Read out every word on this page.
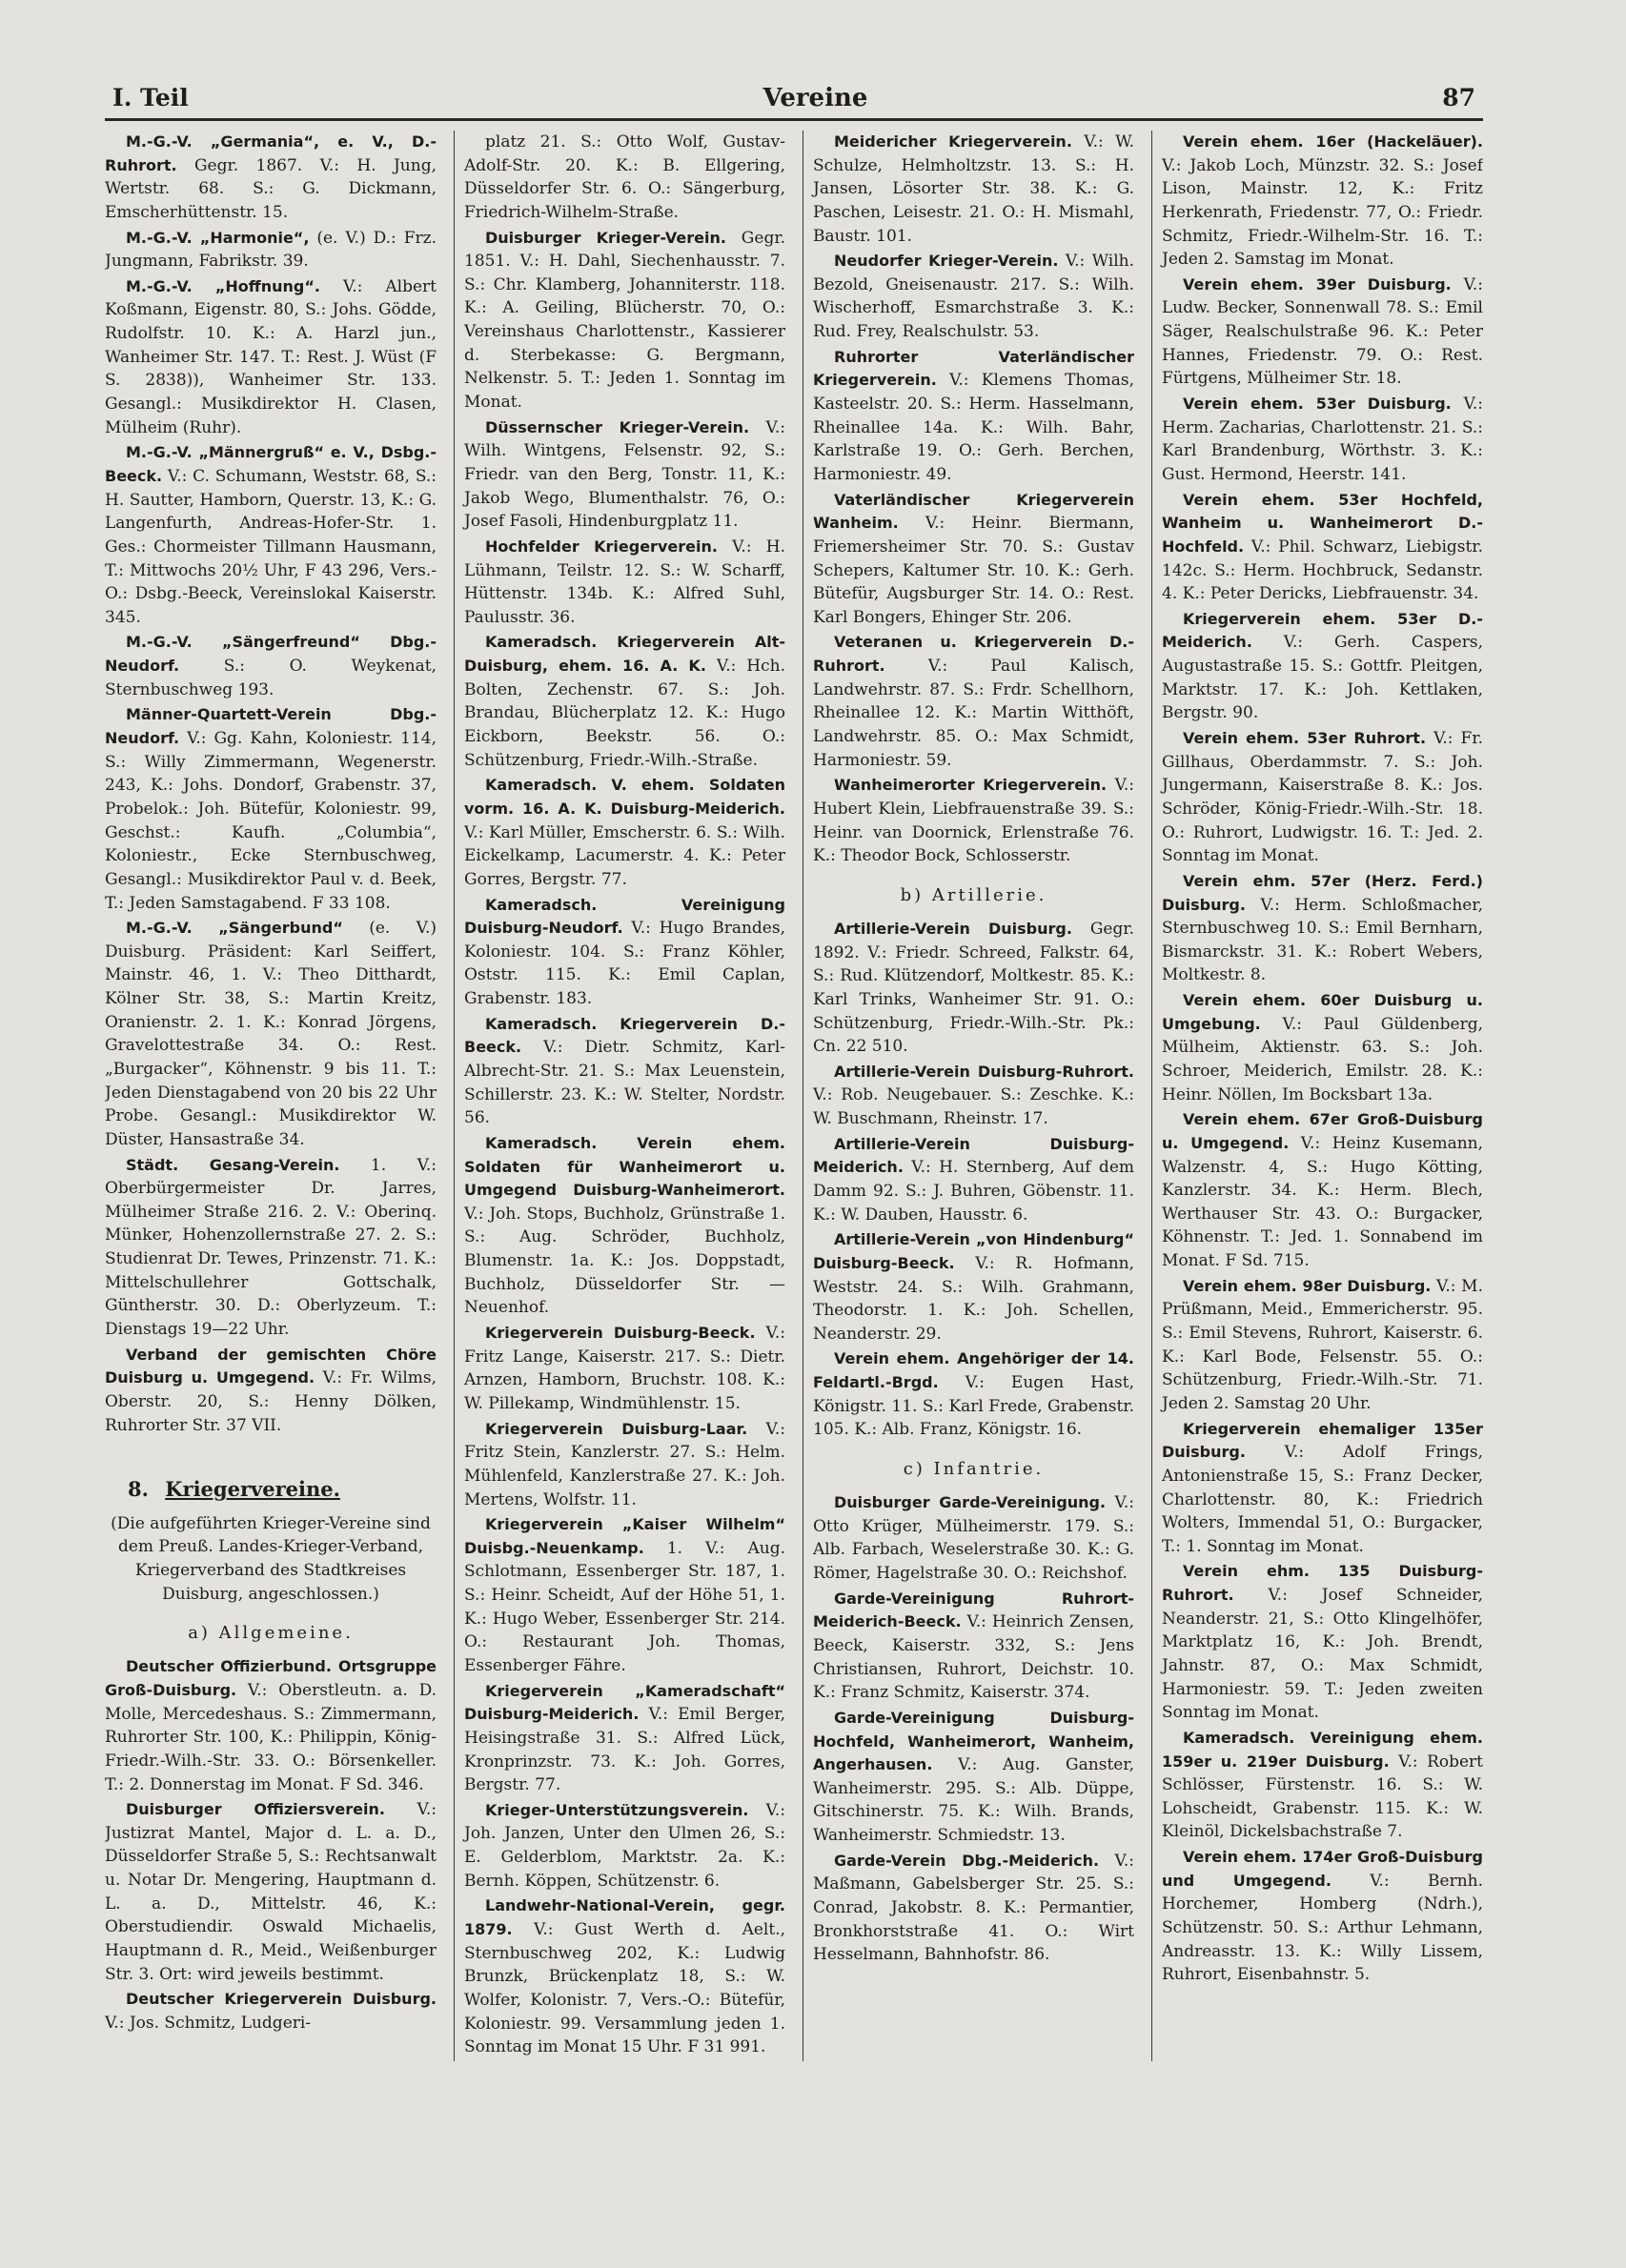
I. Teil	Vereine	87

M.-G.-V. „Germania“, e. V., D.-Ruhrort. Gegr. 1867. V.: H. Jung, Wertstr. 68. S.: G. Dickmann, Emscherhüttenstr. 15.

M.-G.-V. „Harmonie“, (e. V.) D.: Frz. Jungmann, Fabrikstr. 39.

M.-G.-V. „Hoffnung“. V.: Albert Koßmann, Eigenstr. 80, S.: Johs. Gödde, Rudolfstr. 10. K.: A. Harzl jun., Wanheimer Str. 147. T.: Rest. J. Wüst (F S. 2838)), Wanheimer Str. 133. Gesangl.: Musikdirektor H. Clasen, Mülheim (Ruhr).

M.-G.-V. „Männergruß“ e. V., Dsbg.-Beeck. V.: C. Schumann, Weststr. 68, S.: H. Sautter, Hamborn, Querstr. 13, K.: G. Langenfurth, Andreas-Hofer-Str. 1. Ges.: Chormeister Tillmann Hausmann, T.: Mittwochs 20½ Uhr, F 43 296, Vers.-O.: Dsbg.-Beeck, Vereinslokal Kaiserstr. 345.

M.-G.-V. „Sängerfreund“ Dbg.-Neudorf. S.: O. Weykenat, Sternbuschweg 193.

Männer-Quartett-Verein Dbg.-Neudorf. V.: Gg. Kahn, Koloniestr. 114, S.: Willy Zimmermann, Wegenerstr. 243, K.: Johs. Dondorf, Grabenstr. 37, Probelok.: Joh. Bütefür, Koloniestr. 99, Geschst.: Kaufh. „Columbia“, Koloniestr., Ecke Sternbuschweg, Gesangl.: Musikdirektor Paul v. d. Beek, T.: Jeden Samstagabend. F 33 108.

M.-G.-V. „Sängerbund“ (e. V.) Duisburg. Präsident: Karl Seiffert, Mainstr. 46, 1. V.: Theo Ditthardt, Kölner Str. 38, S.: Martin Kreitz, Oranienstr. 2. 1. K.: Konrad Jörgens, Gravelottestraße 34. O.: Rest. „Burgacker“, Köhnenstr. 9 bis 11. T.: Jeden Dienstagabend von 20 bis 22 Uhr Probe. Gesangl.: Musikdirektor W. Düster, Hansastraße 34.

Städt. Gesang-Verein. 1. V.: Oberbürgermeister Dr. Jarres, Mülheimer Straße 216. 2. V.: Oberinq. Münker, Hohenzollernstraße 27. 2. S.: Studienrat Dr. Tewes, Prinzenstr. 71. K.: Mittelschullehrer Gottschalk, Güntherstr. 30. D.: Oberlyzeum. T.: Dienstags 19—22 Uhr.

Verband der gemischten Chöre Duisburg u. Umgegend. V.: Fr. Wilms, Oberstr. 20, S.: Henny Dölken, Ruhrorter Str. 37 VII.

8. Kriegervereine.
(Die aufgeführten Krieger-Vereine sind dem Preuß. Landes-Krieger-Verband, Kriegerverband des Stadtkreises Duisburg, angeschlossen.)
a) Allgemeine.

Deutscher Offizierbund. Ortsgruppe Groß-Duisburg. V.: Oberstleutn. a. D. Molle, Mercedeshaus. S.: Zimmermann, Ruhrorter Str. 100, K.: Philippin, König-Friedr.-Wilh.-Str. 33. O.: Börsenkeller. T.: 2. Donnerstag im Monat. F Sd. 346.

Duisburger Offiziersverein. V.: Justizrat Mantel, Major d. L. a. D., Düsseldorfer Straße 5, S.: Rechtsanwalt u. Notar Dr. Mengering, Hauptmann d. L. a. D., Mittelstr. 46, K.: Oberstudiendir. Oswald Michaelis, Hauptmann d. R., Meid., Weißenburger Str. 3. Ort: wird jeweils bestimmt.

Deutscher Kriegerverein Duisburg. V.: Jos. Schmitz, Ludgeri-

platz 21. S.: Otto Wolf, Gustav-Adolf-Str. 20. K.: B. Ellgering, Düsseldorfer Str. 6. O.: Sängerburg, Friedrich-Wilhelm-Straße.

Duisburger Krieger-Verein. Gegr. 1851. V.: H. Dahl, Siechenhausstr. 7. S.: Chr. Klamberg, Johanniterstr. 118. K.: A. Geiling, Blücherstr. 70, O.: Vereinshaus Charlottenstr., Kassierer d. Sterbekasse: G. Bergmann, Nelkenstr. 5. T.: Jeden 1. Sonntag im Monat.

Düssernscher Krieger-Verein. V.: Wilh. Wintgens, Felsenstr. 92, S.: Friedr. van den Berg, Tonstr. 11, K.: Jakob Wego, Blumenthalstr. 76, O.: Josef Fasoli, Hindenburgplatz 11.

Hochfelder Kriegerverein. V.: H. Lühmann, Teilstr. 12. S.: W. Scharff, Hüttenstr. 134b. K.: Alfred Suhl, Paulusstr. 36.

Kameradsch. Kriegerverein Alt-Duisburg, ehem. 16. A. K. V.: Hch. Bolten, Zechenstr. 67. S.: Joh. Brandau, Blücherplatz 12. K.: Hugo Eickborn, Beekstr. 56. O.: Schützenburg, Friedr.-Wilh.-Straße.

Kameradsch. V. ehem. Soldaten vorm. 16. A. K. Duisburg-Meiderich. V.: Karl Müller, Emscherstr. 6. S.: Wilh. Eickelkamp, Lacumerstr. 4. K.: Peter Gorres, Bergstr. 77.

Kameradsch. Vereinigung Duisburg-Neudorf. V.: Hugo Brandes, Koloniestr. 104. S.: Franz Köhler, Oststr. 115. K.: Emil Caplan, Grabenstr. 183.

Kameradsch. Kriegerverein D.-Beeck. V.: Dietr. Schmitz, Karl-Albrecht-Str. 21. S.: Max Leuenstein, Schillerstr. 23. K.: W. Stelter, Nordstr. 56.

Kameradsch. Verein ehem. Soldaten für Wanheimerort u. Umgegend Duisburg-Wanheimerort. V.: Joh. Stops, Buchholz, Grünstraße 1. S.: Aug. Schröder, Buchholz, Blumenstr. 1a. K.: Jos. Doppstadt, Buchholz, Düsseldorfer Str. — Neuenhof.

Kriegerverein Duisburg-Beeck. V.: Fritz Lange, Kaiserstr. 217. S.: Dietr. Arnzen, Hamborn, Bruchstr. 108. K.: W. Pillekamp, Windmühlenstr. 15.

Kriegerverein Duisburg-Laar. V.: Fritz Stein, Kanzlerstr. 27. S.: Helm. Mühlenfeld, Kanzlerstraße 27. K.: Joh. Mertens, Wolfstr. 11.

Kriegerverein „Kaiser Wilhelm“ Duisbg.-Neuenkamp. 1. V.: Aug. Schlotmann, Essenberger Str. 187, 1. S.: Heinr. Scheidt, Auf der Höhe 51, 1. K.: Hugo Weber, Essenberger Str. 214. O.: Restaurant Joh. Thomas, Essenberger Fähre.

Kriegerverein „Kameradschaft“ Duisburg-Meiderich. V.: Emil Berger, Heisingstraße 31. S.: Alfred Lück, Kronprinzstr. 73. K.: Joh. Gorres, Bergstr. 77.

Krieger-Unterstützungsverein. V.: Joh. Janzen, Unter den Ulmen 26, S.: E. Gelderblom, Marktstr. 2a. K.: Bernh. Köppen, Schützenstr. 6.

Landwehr-National-Verein, gegr. 1879. V.: Gust Werth d. Aelt., Sternbuschweg 202, K.: Ludwig Brunzk, Brückenplatz 18, S.: W. Wolfer, Kolonistr. 7, Vers.-O.: Bütefür, Koloniestr. 99. Versammlung jeden 1. Sonntag im Monat 15 Uhr. F 31 991.

Meidericher Kriegerverein. V.: W. Schulze, Helmholtzstr. 13. S.: H. Jansen, Lösorter Str. 38. K.: G. Paschen, Leisestr. 21. O.: H. Mismahl, Baustr. 101.

Neudorfer Krieger-Verein. V.: Wilh. Bezold, Gneisenaustr. 217. S.: Wilh. Wischerhoff, Esmarchstraße 3. K.: Rud. Frey, Realschulstr. 53.

Ruhrorter Vaterländischer Kriegerverein. V.: Klemens Thomas, Kasteelstr. 20. S.: Herm. Hasselmann, Rheinallee 14a. K.: Wilh. Bahr, Karlstraße 19. O.: Gerh. Berchen, Harmoniestr. 49.

Vaterländischer Kriegerverein Wanheim. V.: Heinr. Biermann, Friemersheimer Str. 70. S.: Gustav Schepers, Kaltumer Str. 10. K.: Gerh. Bütefür, Augsburger Str. 14. O.: Rest. Karl Bongers, Ehinger Str. 206.

Veteranen u. Kriegerverein D.-Ruhrort. V.: Paul Kalisch, Landwehrstr. 87. S.: Frdr. Schellhorn, Rheinallee 12. K.: Martin Witthöft, Landwehrstr. 85. O.: Max Schmidt, Harmoniestr. 59.

Wanheimerorter Kriegerverein. V.: Hubert Klein, Liebfrauenstraße 39. S.: Heinr. van Doornick, Erlenstraße 76. K.: Theodor Bock, Schlosserstr.

b) Artillerie.

Artillerie-Verein Duisburg. Gegr. 1892. V.: Friedr. Schreed, Falkstr. 64, S.: Rud. Klützendorf, Moltkestr. 85. K.: Karl Trinks, Wanheimer Str. 91. O.: Schützenburg, Friedr.-Wilh.-Str. Pk.: Cn. 22 510.

Artillerie-Verein Duisburg-Ruhrort. V.: Rob. Neugebauer. S.: Zeschke. K.: W. Buschmann, Rheinstr. 17.

Artillerie-Verein Duisburg-Meiderich. V.: H. Sternberg, Auf dem Damm 92. S.: J. Buhren, Göbenstr. 11. K.: W. Dauben, Hausstr. 6.

Artillerie-Verein „von Hindenburg“ Duisburg-Beeck. V.: R. Hofmann, Weststr. 24. S.: Wilh. Grahmann, Theodorstr. 1. K.: Joh. Schellen, Neanderstr. 29.

Verein ehem. Angehöriger der 14. Feldartl.-Brgd. V.: Eugen Hast, Königstr. 11. S.: Karl Frede, Grabenstr. 105. K.: Alb. Franz, Königstr. 16.

c) Infantrie.

Duisburger Garde-Vereinigung. V.: Otto Krüger, Mülheimerstr. 179. S.: Alb. Farbach, Weselerstraße 30. K.: G. Römer, Hagelstraße 30. O.: Reichshof.

Garde-Vereinigung Ruhrort-Meiderich-Beeck. V.: Heinrich Zensen, Beeck, Kaiserstr. 332, S.: Jens Christiansen, Ruhrort, Deichstr. 10. K.: Franz Schmitz, Kaiserstr. 374.

Garde-Vereinigung Duisburg-Hochfeld, Wanheimerort, Wanheim, Angerhausen. V.: Aug. Ganster, Wanheimerstr. 295. S.: Alb. Düppe, Gitschinerstr. 75. K.: Wilh. Brands, Wanheimerstr. Schmiedstr. 13.

Garde-Verein Dbg.-Meiderich. V.: Maßmann, Gabelsberger Str. 25. S.: Conrad, Jakobstr. 8. K.: Permantier, Bronkhorststraße 41. O.: Wirt Hesselmann, Bahnhofstr. 86.

Verein ehem. 16er (Hackeläuer). V.: Jakob Loch, Münzstr. 32. S.: Josef Lison, Mainstr. 12, K.: Fritz Herkenrath, Friedenstr. 77, O.: Friedr. Schmitz, Friedr.-Wilhelm-Str. 16. T.: Jeden 2. Samstag im Monat.

Verein ehem. 39er Duisburg. V.: Ludw. Becker, Sonnenwall 78. S.: Emil Säger, Realschulstraße 96. K.: Peter Hannes, Friedenstr. 79. O.: Rest. Fürtgens, Mülheimer Str. 18.

Verein ehem. 53er Duisburg. V.: Herm. Zacharias, Charlottenstr. 21. S.: Karl Brandenburg, Wörthstr. 3. K.: Gust. Hermond, Heerstr. 141.

Verein ehem. 53er Hochfeld, Wanheim u. Wanheimerort D.-Hochfeld. V.: Phil. Schwarz, Liebigstr. 142c. S.: Herm. Hochbruck, Sedanstr. 4. K.: Peter Dericks, Liebfrauenstr. 34.

Kriegerverein ehem. 53er D.-Meiderich. V.: Gerh. Caspers, Augustastraße 15. S.: Gottfr. Pleitgen, Marktstr. 17. K.: Joh. Kettlaken, Bergstr. 90.

Verein ehem. 53er Ruhrort. V.: Fr. Gillhaus, Oberdammstr. 7. S.: Joh. Jungermann, Kaiserstraße 8. K.: Jos. Schröder, König-Friedr.-Wilh.-Str. 18. O.: Ruhrort, Ludwigstr. 16. T.: Jed. 2. Sonntag im Monat.

Verein ehm. 57er (Herz. Ferd.) Duisburg. V.: Herm. Schloßmacher, Sternbuschweg 10. S.: Emil Bernharn, Bismarckstr. 31. K.: Robert Webers, Moltkestr. 8.

Verein ehem. 60er Duisburg u. Umgebung. V.: Paul Güldenberg, Mülheim, Aktienstr. 63. S.: Joh. Schroer, Meiderich, Emilstr. 28. K.: Heinr. Nöllen, Im Bocksbart 13a.

Verein ehem. 67er Groß-Duisburg u. Umgegend. V.: Heinz Kusemann, Walzenstr. 4, S.: Hugo Kötting, Kanzlerstr. 34. K.: Herm. Blech, Werthauser Str. 43. O.: Burgacker, Köhnenstr. T.: Jed. 1. Sonnabend im Monat. F Sd. 715.

Verein ehem. 98er Duisburg. V.: M. Prüßmann, Meid., Emmericherstr. 95. S.: Emil Stevens, Ruhrort, Kaiserstr. 6. K.: Karl Bode, Felsenstr. 55. O.: Schützenburg, Friedr.-Wilh.-Str. 71. Jeden 2. Samstag 20 Uhr.

Kriegerverein ehemaliger 135er Duisburg. V.: Adolf Frings, Antonienstraße 15, S.: Franz Decker, Charlottenstr. 80, K.: Friedrich Wolters, Immendal 51, O.: Burgacker, T.: 1. Sonntag im Monat.

Verein ehm. 135 Duisburg-Ruhrort. V.: Josef Schneider, Neanderstr. 21, S.: Otto Klingelhöfer, Marktplatz 16, K.: Joh. Brendt, Jahnstr. 87, O.: Max Schmidt, Harmoniestr. 59. T.: Jeden zweiten Sonntag im Monat.

Kameradsch. Vereinigung ehem. 159er u. 219er Duisburg. V.: Robert Schlösser, Fürstenstr. 16. S.: W. Lohscheidt, Grabenstr. 115. K.: W. Kleinöl, Dickelsbachstraße 7.

Verein ehem. 174er Groß-Duisburg und Umgegend. V.: Bernh. Horchemer, Homberg (Ndrh.), Schützenstr. 50. S.: Arthur Lehmann, Andreasstr. 13. K.: Willy Lissem, Ruhrort, Eisenbahnstr. 5.
